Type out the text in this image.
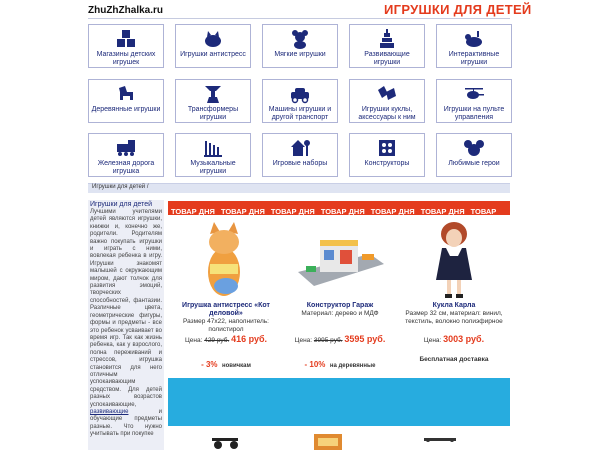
ZhuZhZhalka.ru	ИГРУШКИ ДЛЯ ДЕТЕЙ
Магазины детских игрушек
Игрушки антистресс	Мягкие игрушки	Развивающие игрушки
Интерактивные игрушки
Деревянные игрушки	Трансформеры игрушки
Машины игрушки и другой транспорт
Игрушки куклы, аксессуары к ним
Игрушки на пульте управления
Железная дорога игрушка
Музыкальные игрушки
Игровые наборы	Конструкторы	Любимые герои
Игрушки для детей /
Игрушки для детей
Лучшими учителями детей являются игрушки, книжки и, конечно же, родители. Родителям важно покупать игрушки и играть с ними, вовлекая ребенка в игру. Игрушки знакомят малышей с окружающим миром, дают толчок для развития эмоций, творческих способностей, фантазии. Различные цвета, геометрические фигуры, формы и предметы - все это ребенок усваивает во время игр. Так как жизнь ребенка, как у взрослого, полна переживаний и стрессов, игрушка становится для него отличным успокаивающим средством. Для детей разных возрастов успокаивающие, развивающие	и обучающие предметы разные. Что нужно учитывать при покупке
ТОВАР ДНЯ ТОВАР ДНЯ ТОВАР ДНЯ ТОВАР ДНЯ ТОВАР ДНЯ ТОВАР ДНЯ ТОВАР
Игрушка антистресс «Кот деловой»
Размер 47х22, наполнитель: полистирол
Цена: 429 руб. 416 руб.
- 3% новичкам

Конструктор Гараж
Материал: дерево и МДФ
Цена: 3995 руб. 3595 руб.
- 10% на деревянные
Кукла Карла
Размер 32 см, материал: винил, текстиль, волокно полиэфирное
Цена: 3003 руб.
Бесплатная доставка
